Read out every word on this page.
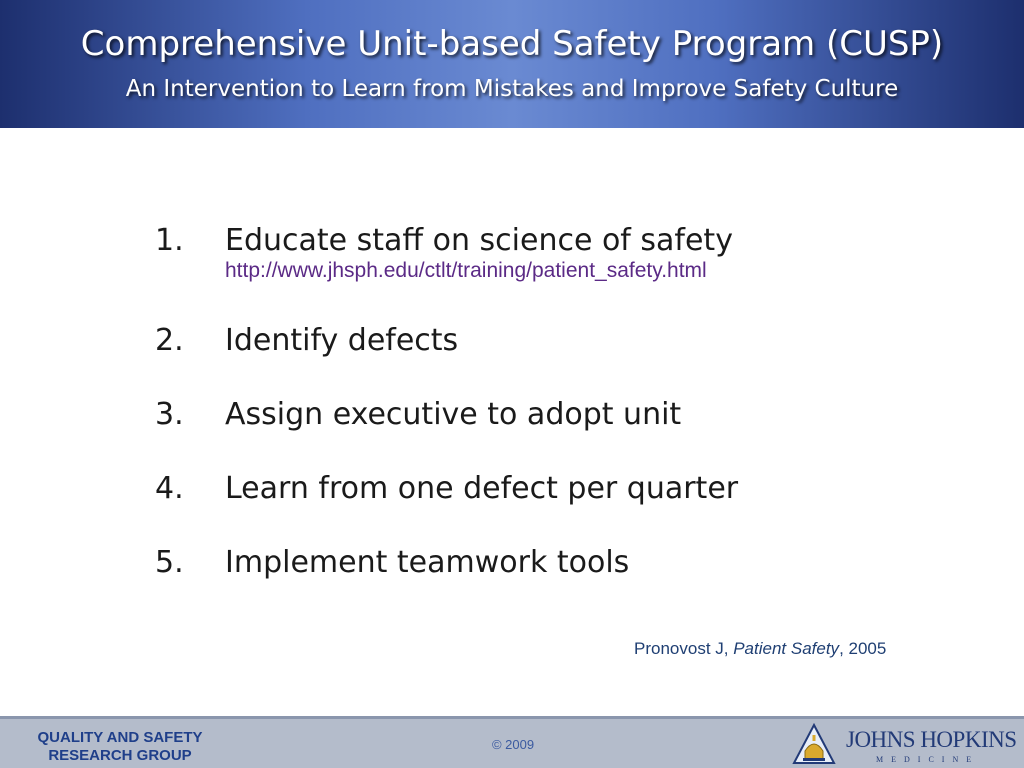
Comprehensive Unit-based Safety Program (CUSP)
An Intervention to Learn from Mistakes and Improve Safety Culture
1. Educate staff on science of safety
http://www.jhsph.edu/ctlt/training/patient_safety.html
2. Identify defects
3. Assign executive to adopt unit
4. Learn from one defect per quarter
5. Implement teamwork tools
Pronovost J, Patient Safety, 2005
QUALITY AND SAFETY
RESEARCH GROUP
© 2009	JOHNS HOPKINS
MEDICINE
